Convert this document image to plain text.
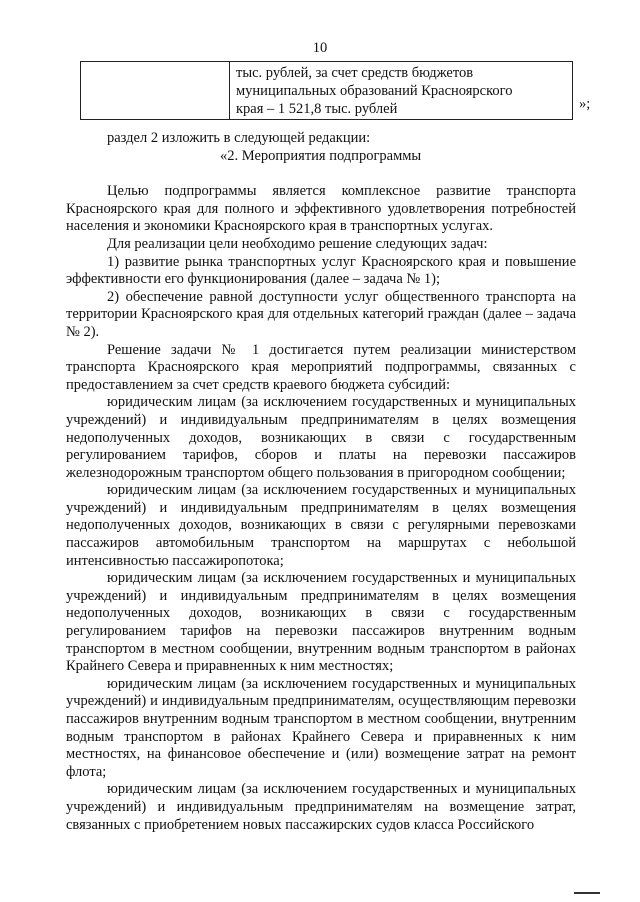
10

тыс. рублей, за счет средств бюджетов
муниципальных образований Красноярского
края – 1 521,8 тыс. рублей	»;

раздел 2 изложить в следующей редакции:

«2. Мероприятия подпрограммы

Целью подпрограммы является комплексное развитие транспорта Красноярского края для полного и эффективного удовлетворения потребностей населения и экономики Красноярского края в транспортных услугах.

Для реализации цели необходимо решение следующих задач:

1) развитие рынка транспортных услуг Красноярского края и повышение эффективности его функционирования (далее – задача № 1);

2) обеспечение равной доступности услуг общественного транспорта на территории Красноярского края для отдельных категорий граждан (далее – задача № 2).

Решение задачи № 1 достигается путем реализации министерством транспорта Красноярского края мероприятий подпрограммы, связанных с предоставлением за счет средств краевого бюджета субсидий:

юридическим лицам (за исключением государственных и муниципальных учреждений) и индивидуальным предпринимателям в целях возмещения недополученных доходов, возникающих в связи с государственным регулированием тарифов, сборов и платы на перевозки пассажиров железнодорожным транспортом общего пользования в пригородном сообщении;

юридическим лицам (за исключением государственных и муниципальных учреждений) и индивидуальным предпринимателям в целях возмещения недополученных доходов, возникающих в связи с регулярными перевозками пассажиров автомобильным транспортом на маршрутах с небольшой интенсивностью пассажиропотока;

юридическим лицам (за исключением государственных и муниципальных учреждений) и индивидуальным предпринимателям в целях возмещения недополученных доходов, возникающих в связи с государственным регулированием тарифов на перевозки пассажиров внутренним водным транспортом в местном сообщении, внутренним водным транспортом в районах Крайнего Севера и приравненных к ним местностях;

юридическим лицам (за исключением государственных и муниципальных учреждений) и индивидуальным предпринимателям, осуществляющим перевозки пассажиров внутренним водным транспортом в местном сообщении, внутренним водным транспортом в районах Крайнего Севера и приравненных к ним местностях, на финансовое обеспечение и (или) возмещение затрат на ремонт флота;

юридическим лицам (за исключением государственных и муниципальных учреждений) и индивидуальным предпринимателям на возмещение затрат, связанных с приобретением новых пассажирских судов класса Российского
